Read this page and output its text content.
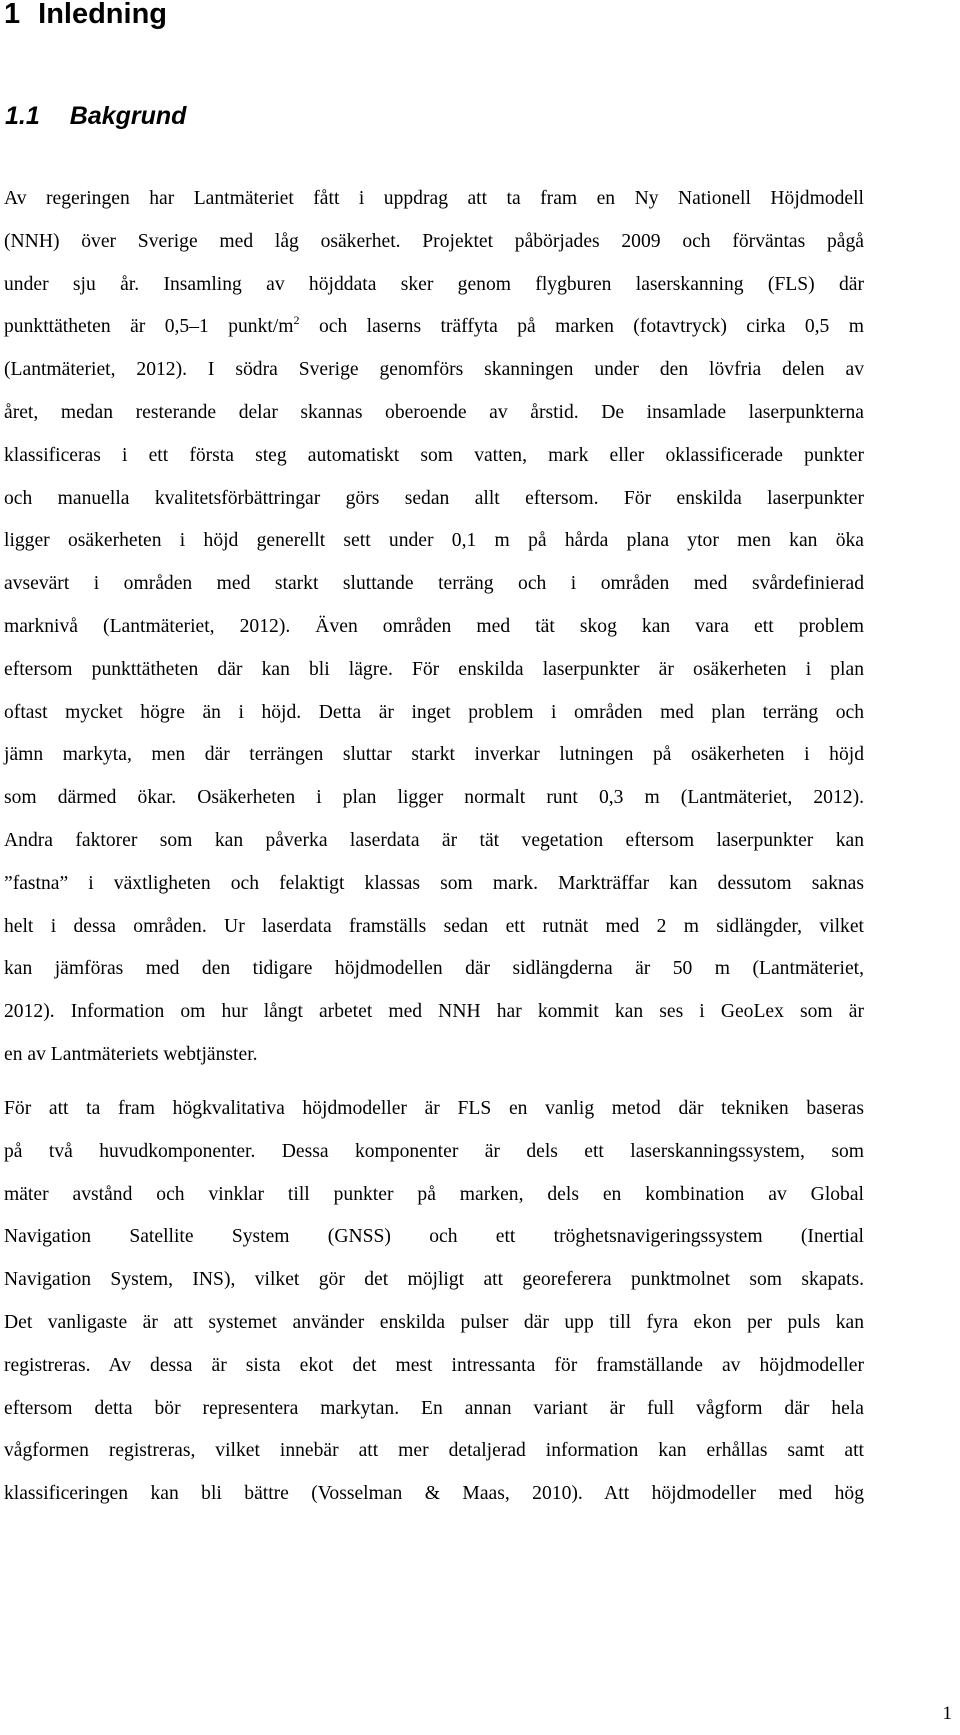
1 Inledning
1.1 Bakgrund
Av regeringen har Lantmäteriet fått i uppdrag att ta fram en Ny Nationell Höjdmodell
(NNH) över Sverige med låg osäkerhet. Projektet påbörjades 2009 och förväntas pågå
under sju år. Insamling av höjddata sker genom flygburen laserskanning (FLS) där
punkttätheten är 0,5–1 punkt/$m^2$ och laserns träffyta på marken (fotavtryck) cirka 0,5 m
(Lantmäteriet, 2012). I södra Sverige genomförs skanningen under den lövfria delen av
året, medan resterande delar skannas oberoende av årstid. De insamlade laserpunkterna
klassificeras i ett första steg automatiskt som vatten, mark eller oklassificerade punkter
och manuella kvalitetsförbättringar görs sedan allt eftersom. För enskilda laserpunkter
ligger osäkerheten i höjd generellt sett under 0,1 m på hårda plana ytor men kan öka
avsevärt i områden med starkt sluttande terräng och i områden med svårdefinierad
marknivå (Lantmäteriet, 2012). Även områden med tät skog kan vara ett problem
eftersom punkttätheten där kan bli lägre. För enskilda laserpunkter är osäkerheten i plan
oftast mycket högre än i höjd. Detta är inget problem i områden med plan terräng och
jämn markyta, men där terrängen sluttar starkt inverkar lutningen på osäkerheten i höjd
som därmed ökar. Osäkerheten i plan ligger normalt runt 0,3 m (Lantmäteriet, 2012).
Andra faktorer som kan påverka laserdata är tät vegetation eftersom laserpunkter kan
”fastna” i växtligheten och felaktigt klassas som mark. Markträffar kan dessutom saknas
helt i dessa områden. Ur laserdata framställs sedan ett rutnät med 2 m sidlängder, vilket
kan jämföras med den tidigare höjdmodellen där sidlängderna är 50 m (Lantmäteriet,
2012). Information om hur långt arbetet med NNH har kommit kan ses i GeoLex som är
en av Lantmäteriets webtjänster.
För att ta fram högkvalitativa höjdmodeller är FLS en vanlig metod där tekniken baseras
på två huvudkomponenter. Dessa komponenter är dels ett laserskanningssystem, som
mäter avstånd och vinklar till punkter på marken, dels en kombination av Global
Navigation Satellite System (GNSS) och ett tröghetsnavigeringssystem (Inertial
Navigation System, INS), vilket gör det möjligt att georeferera punktmolnet som skapats.
Det vanligaste är att systemet använder enskilda pulser där upp till fyra ekon per puls kan
registreras. Av dessa är sista ekot det mest intressanta för framställande av höjdmodeller
eftersom detta bör representera markytan. En annan variant är full vågform där hela
vågformen registreras, vilket innebär att mer detaljerad information kan erhållas samt att
klassificeringen kan bli bättre (Vosselman & Maas, 2010). Att höjdmodeller med hög
1
